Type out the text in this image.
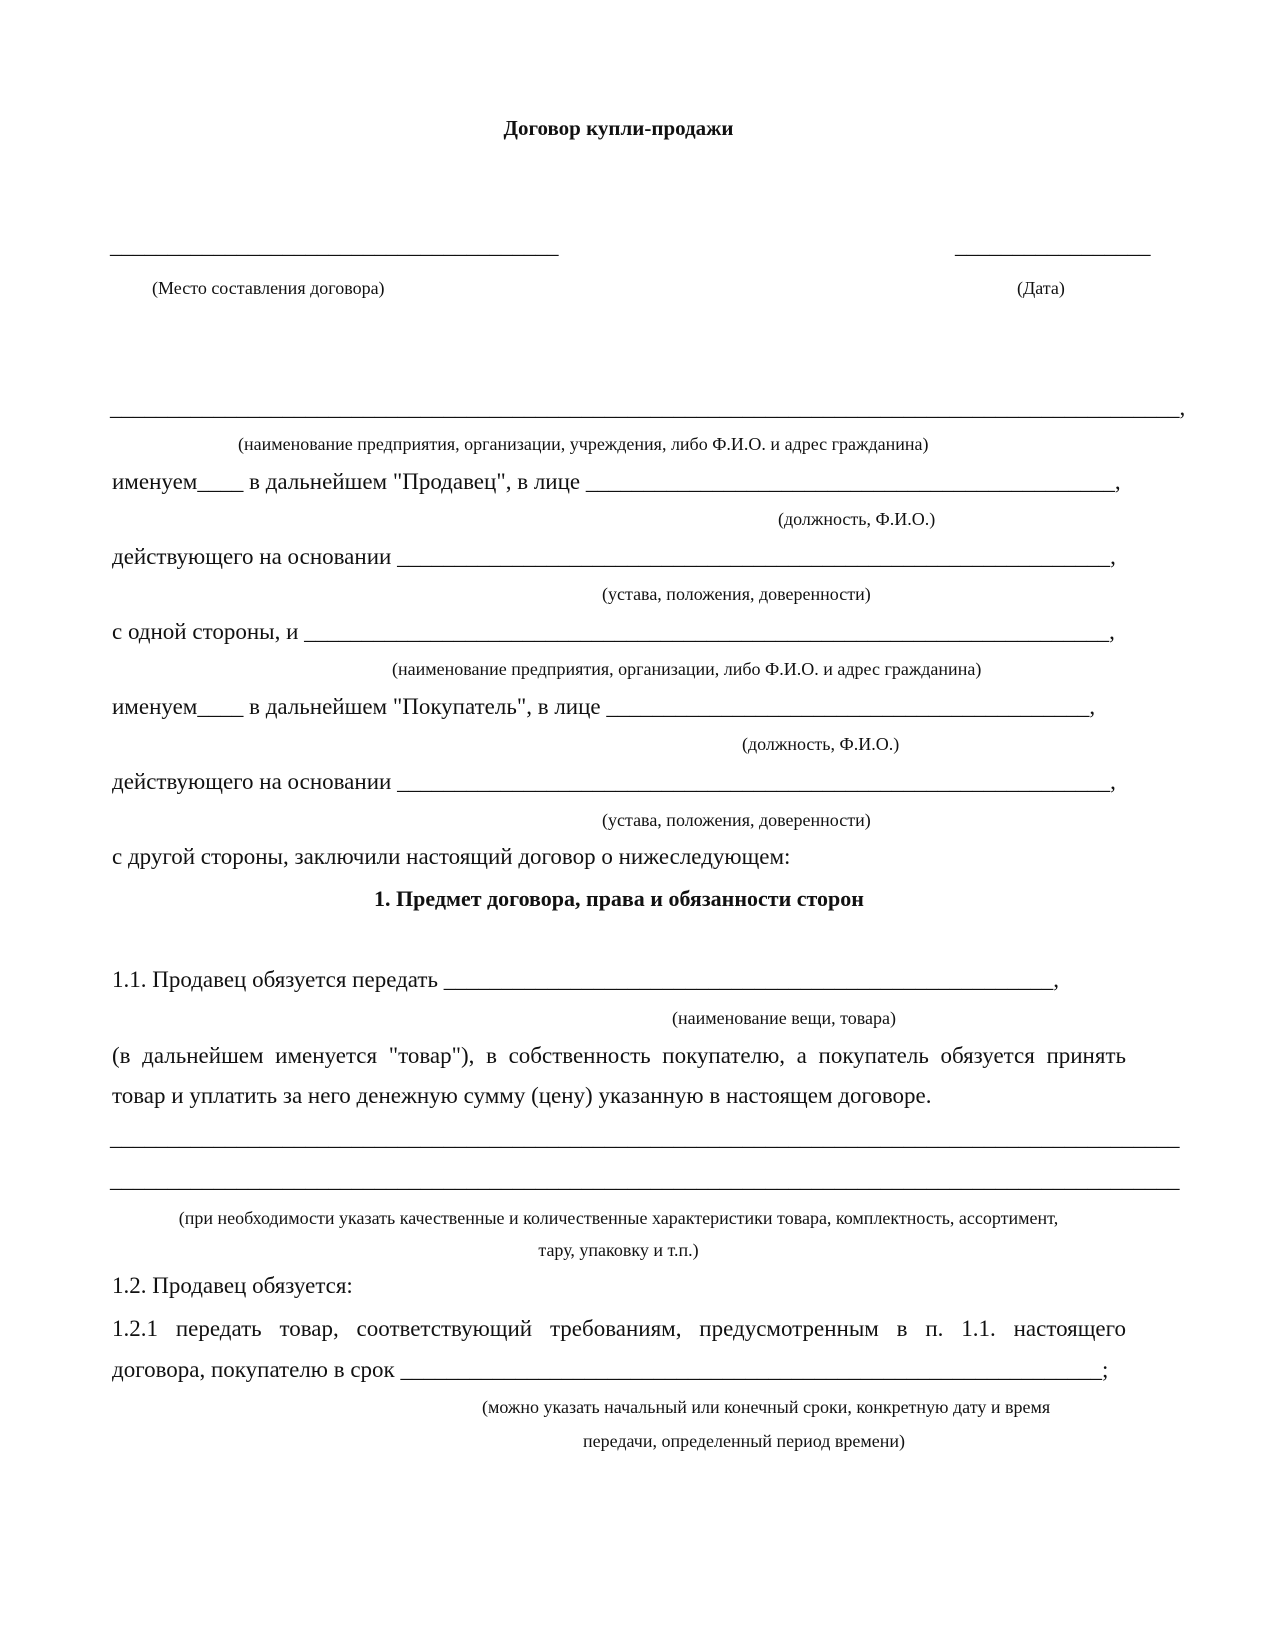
Договор купли-продажи
_______________________________________
(Место составления договора)
_________________
(Дата)
_____________________________________________________________________________________________,
(наименование предприятия, организации, учреждения, либо Ф.И.О. и адрес гражданина)
именуем____ в дальнейшем "Продавец", в лице ______________________________________________,
(должность, Ф.И.О.)
действующего на основании ______________________________________________________________,
(устава, положения, доверенности)
с одной стороны, и ______________________________________________________________________,
(наименование предприятия, организации, либо Ф.И.О. и адрес гражданина)
именуем____ в дальнейшем "Покупатель", в лице __________________________________________,
(должность, Ф.И.О.)
действующего на основании ______________________________________________________________,
(устава, положения, доверенности)
с другой стороны, заключили настоящий договор о нижеследующем:
1. Предмет договора, права и обязанности сторон
1.1. Продавец обязуется передать _____________________________________________________,
(наименование вещи, товара)
(в дальнейшем именуется "товар"), в собственность покупателю, а покупатель обязуется принять
товар и уплатить за него денежную сумму (цену) указанную в настоящем договоре.
_____________________________________________________________________________________________
_____________________________________________________________________________________________
(при необходимости указать качественные и количественные характеристики товара, комплектность, ассортимент,
тару, упаковку и т.п.)
1.2. Продавец обязуется:
1.2.1 передать товар, соответствующий требованиям, предусмотренным в п. 1.1. настоящего
договора, покупателю в срок _____________________________________________________________;
(можно указать начальный или конечный сроки, конкретную дату и время
передачи, определенный период времени)
